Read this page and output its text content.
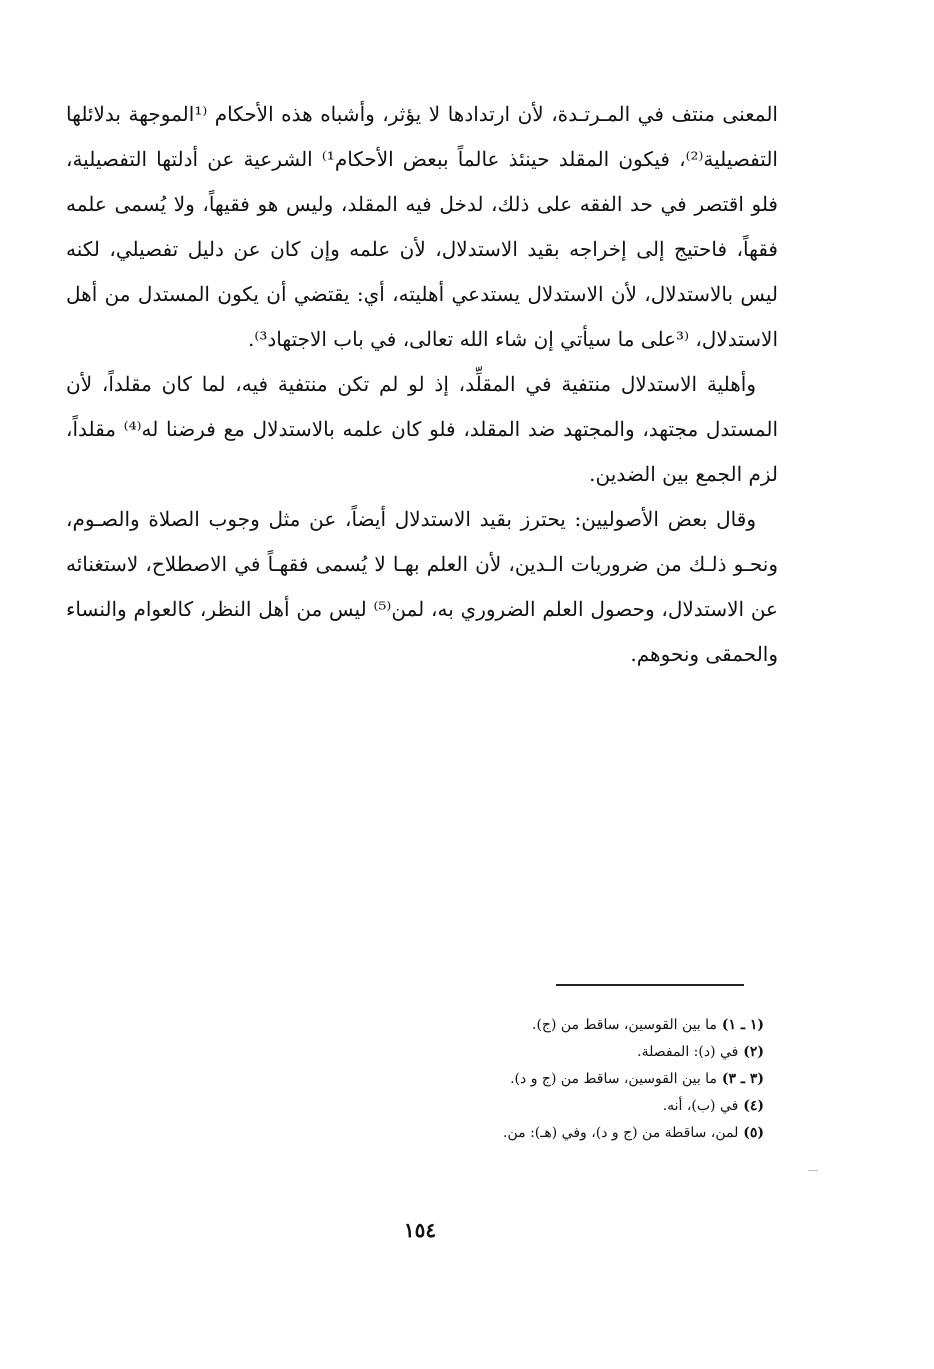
المعنى منتف في المـرتـدة، لأن ارتدادها لا يؤثر، وأشباه هذه الأحكام ⁽¹الموجهة بدلائلها التفصيلية⁽²⁾، فيكون المقلد حينئذ عالماً ببعض الأحكام¹⁾ الشرعية عن أدلتها التفصيلية، فلو اقتصر في حد الفقه على ذلك، لدخل فيه المقلد، وليس هو فقيهاً، ولا يُسمى علمه فقهاً، فاحتيج إلى إخراجه بقيد الاستدلال، لأن علمه وإن كان عن دليل تفصيلي، لكنه ليس بالاستدلال، لأن الاستدلال يستدعي أهليته، أي: يقتضي أن يكون المستدل من أهل الاستدلال، ⁽³على ما سيأتي إن شاء الله تعالى، في باب الاجتهاد³⁾.

وأهلية الاستدلال منتفية في المقلِّد، إذ لو لم تكن منتفية فيه، لما كان مقلداً، لأن المستدل مجتهد، والمجتهد ضد المقلد، فلو كان علمه بالاستدلال مع فرضنا له⁽⁴⁾ مقلداً، لزم الجمع بين الضدين.

وقال بعض الأصوليين: يحترز بقيد الاستدلال أيضاً، عن مثل وجوب الصلاة والصـوم، ونحـو ذلـك من ضروريات الـدين، لأن العلم بهـا لا يُسمى فقهـاً في الاصطلاح، لاستغنائه عن الاستدلال، وحصول العلم الضروري به، لمن⁽⁵⁾ ليس من أهل النظر، كالعوام والنساء والحمقى ونحوهم.

(١ ـ ١) ما بين القوسين، ساقط من (ج).

(٢) في (د): المفصلة.

(٣ ـ ٣) ما بين القوسين، ساقط من (ج و د).

(٤) في (ب)، أنه.

(٥) لمن، ساقطة من (ج و د)، وفي (هـ): من.

١٥٤
